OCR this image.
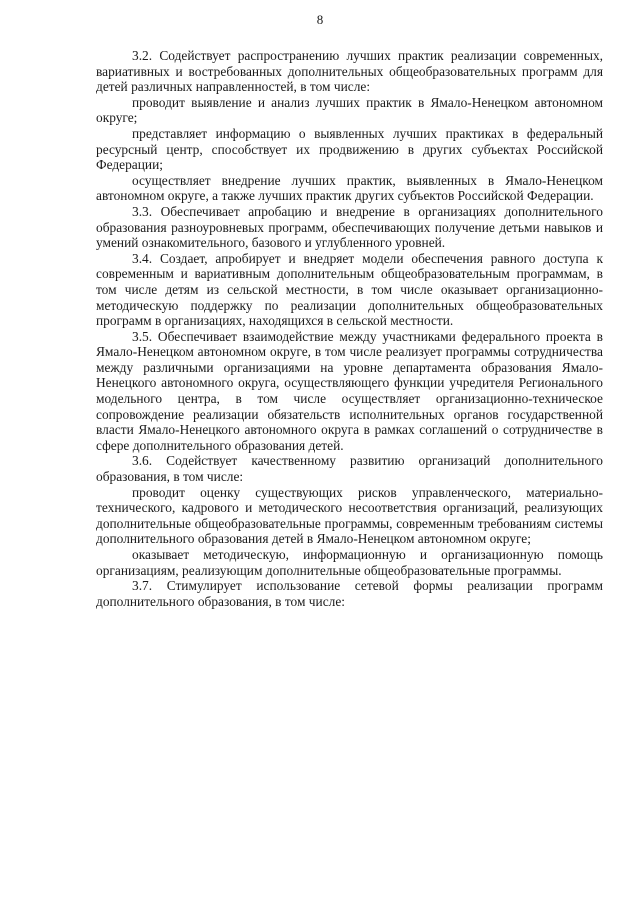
8

3.2. Содействует распространению лучших практик реализации современных, вариативных и востребованных дополнительных общеобразовательных программ для детей различных направленностей, в том числе:

проводит выявление и анализ лучших практик в Ямало-Ненецком автономном округе;

представляет информацию о выявленных лучших практиках в федеральный ресурсный центр, способствует их продвижению в других субъектах Российской Федерации;

осуществляет внедрение лучших практик, выявленных в Ямало-Ненецком автономном округе, а также лучших практик других субъектов Российской Федерации.

3.3. Обеспечивает апробацию и внедрение в организациях дополнительного образования разноуровневых программ, обеспечивающих получение детьми навыков и умений ознакомительного, базового и углубленного уровней.

3.4. Создает, апробирует и внедряет модели обеспечения равного доступа к современным и вариативным дополнительным общеобразовательным программам, в том числе детям из сельской местности, в том числе оказывает организационно-методическую поддержку по реализации дополнительных общеобразовательных программ в организациях, находящихся в сельской местности.

3.5. Обеспечивает взаимодействие между участниками федерального проекта в Ямало-Ненецком автономном округе, в том числе реализует программы сотрудничества между различными организациями на уровне департамента образования Ямало-Ненецкого автономного округа, осуществляющего функции учредителя Регионального модельного центра, в том числе осуществляет организационно-техническое сопровождение реализации обязательств исполнительных органов государственной власти Ямало-Ненецкого автономного округа в рамках соглашений о сотрудничестве в сфере дополнительного образования детей.

3.6. Содействует качественному развитию организаций дополнительного образования, в том числе:

проводит оценку существующих рисков управленческого, материально-технического, кадрового и методического несоответствия организаций, реализующих дополнительные общеобразовательные программы, современным требованиям системы дополнительного образования детей в Ямало-Ненецком автономном округе;

оказывает методическую, информационную и организационную помощь организациям, реализующим дополнительные общеобразовательные программы.

3.7. Стимулирует использование сетевой формы реализации программ дополнительного образования, в том числе:
